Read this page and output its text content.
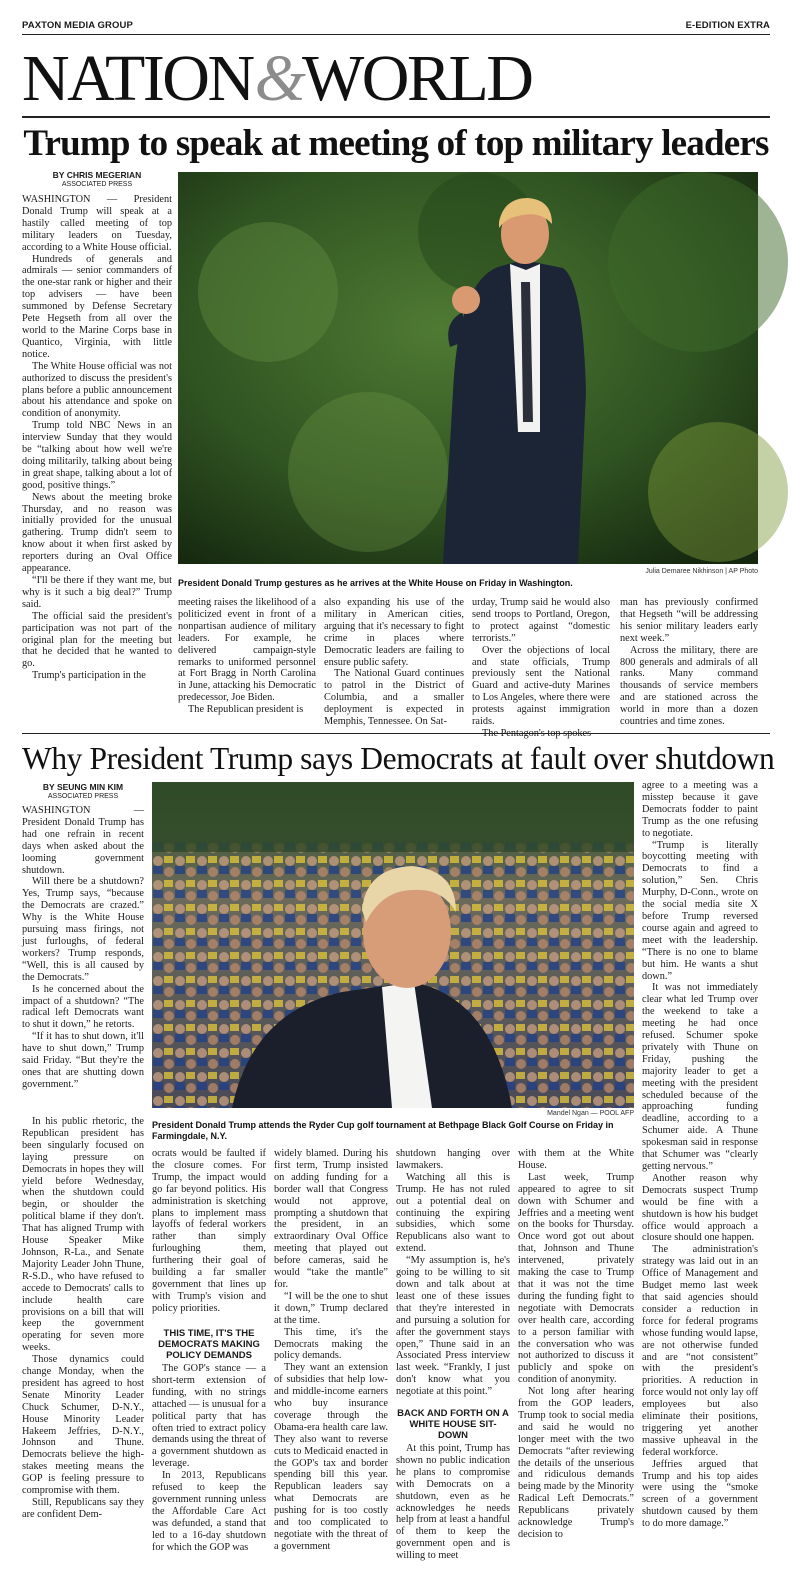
PAXTON MEDIA GROUP	E-EDITION EXTRA
NATION&WORLD
Trump to speak at meeting of top military leaders
BY CHRIS MEGERIAN
ASSOCIATED PRESS

WASHINGTON — President Donald Trump will speak at a hastily called meeting of top military leaders on Tuesday, according to a White House official.

Hundreds of generals and admirals — senior commanders of the one-star rank or higher and their top advisers — have been summoned by Defense Secretary Pete Hegseth from all over the world to the Marine Corps base in Quantico, Virginia, with little notice.

The White House official was not authorized to discuss the president's plans before a public announcement about his attendance and spoke on condition of anonymity.

Trump told NBC News in an interview Sunday that they would be “talking about how well we're doing militarily, talking about being in great shape, talking about a lot of good, positive things.”

News about the meeting broke Thursday, and no reason was initially provided for the unusual gathering. Trump didn't seem to know about it when first asked by reporters during an Oval Office appearance.

“I'll be there if they want me, but why is it such a big deal?” Trump said.

The official said the president's participation was not part of the original plan for the meeting but that he decided that he wanted to go.

Trump's participation in the

Julia Demaree Nikhinson | AP Photo
President Donald Trump gestures as he arrives at the White House on Friday in Washington.

meeting raises the likelihood of a politicized event in front of a nonpartisan audience of military leaders. For example, he delivered campaign-style remarks to uniformed personnel at Fort Bragg in North Carolina in June, attacking his Democratic predecessor, Joe Biden.

The Republican president is

also expanding his use of the military in American cities, arguing that it's necessary to fight crime in places where Democratic leaders are failing to ensure public safety.

The National Guard continues to patrol in the District of Columbia, and a smaller deployment is expected in Memphis, Tennessee. On Sat-

urday, Trump said he would also send troops to Portland, Oregon, to protect against “domestic terrorists.”

Over the objections of local and state officials, Trump previously sent the National Guard and active-duty Marines to Los Angeles, where there were protests against immigration raids.

The Pentagon's top spokes-

man has previously confirmed that Hegseth “will be addressing his senior military leaders early next week.”

Across the military, there are 800 generals and admirals of all ranks. Many command thousands of service members and are stationed across the world in more than a dozen countries and time zones.

Why President Trump says Democrats at fault over shutdown
BY SEUNG MIN KIM
ASSOCIATED PRESS

WASHINGTON — President Donald Trump has had one refrain in recent days when asked about the looming government shutdown.

Will there be a shutdown? Yes, Trump says, “because the Democrats are crazed.” Why is the White House pursuing mass firings, not just furloughs, of federal workers? Trump responds, “Well, this is all caused by the Democrats.”

Is he concerned about the impact of a shutdown? “The radical left Democrats want to shut it down,” he retorts.

“If it has to shut down, it'll have to shut down,” Trump said Friday. “But they're the ones that are shutting down government.”

In his public rhetoric, the Republican president has been singularly focused on laying pressure on Democrats in hopes they will yield before Wednesday, when the shutdown could begin, or shoulder the political blame if they don't. That has aligned Trump with House Speaker Mike Johnson, R-La., and Senate Majority Leader John Thune, R-S.D., who have refused to accede to Democrats' calls to include health care provisions on a bill that will keep the government operating for seven more weeks.

Those dynamics could change Monday, when the president has agreed to host Senate Minority Leader Chuck Schumer, D-N.Y., House Minority Leader Hakeem Jeffries, D-N.Y., Johnson and Thune. Democrats believe the high-stakes meeting means the GOP is feeling pressure to compromise with them.

Still, Republicans say they are confident Dem-

Mandel Ngan — POOL AFP
President Donald Trump attends the Ryder Cup golf tournament at Bethpage Black Golf Course on Friday in Farmingdale, N.Y.

ocrats would be faulted if the closure comes. For Trump, the impact would go far beyond politics. His administration is sketching plans to implement mass layoffs of federal workers rather than simply furloughing them, furthering their goal of building a far smaller government that lines up with Trump's vision and policy priorities.

THIS TIME, IT'S THE DEMOCRATS MAKING POLICY DEMANDS

The GOP's stance — a short-term extension of funding, with no strings attached — is unusual for a political party that has often tried to extract policy demands using the threat of a government shutdown as leverage.

In 2013, Republicans refused to keep the government running unless the Affordable Care Act was defunded, a stand that led to a 16-day shutdown for which the GOP was

widely blamed. During his first term, Trump insisted on adding funding for a border wall that Congress would not approve, prompting a shutdown that the president, in an extraordinary Oval Office meeting that played out before cameras, said he would “take the mantle” for.

“I will be the one to shut it down,” Trump declared at the time.

This time, it's the Democrats making the policy demands.

They want an extension of subsidies that help low- and middle-income earners who buy insurance coverage through the Obama-era health care law. They also want to reverse cuts to Medicaid enacted in the GOP's tax and border spending bill this year. Republican leaders say what Democrats are pushing for is too costly and too complicated to negotiate with the threat of a government

shutdown hanging over lawmakers.

Watching all this is Trump. He has not ruled out a potential deal on continuing the expiring subsidies, which some Republicans also want to extend.

“My assumption is, he's going to be willing to sit down and talk about at least one of these issues that they're interested in and pursuing a solution for after the government stays open,” Thune said in an Associated Press interview last week. “Frankly, I just don't know what you negotiate at this point.”

BACK AND FORTH ON A WHITE HOUSE SIT-DOWN

At this point, Trump has shown no public indication he plans to compromise with Democrats on a shutdown, even as he acknowledges he needs help from at least a handful of them to keep the government open and is willing to meet

with them at the White House.

Last week, Trump appeared to agree to sit down with Schumer and Jeffries and a meeting went on the books for Thursday. Once word got out about that, Johnson and Thune intervened, privately making the case to Trump that it was not the time during the funding fight to negotiate with Democrats over health care, according to a person familiar with the conversation who was not authorized to discuss it publicly and spoke on condition of anonymity.

Not long after hearing from the GOP leaders, Trump took to social media and said he would no longer meet with the two Democrats “after reviewing the details of the unserious and ridiculous demands being made by the Minority Radical Left Democrats.” Republicans privately acknowledge Trump's decision to

agree to a meeting was a misstep because it gave Democrats fodder to paint Trump as the one refusing to negotiate.

“Trump is literally boycotting meeting with Democrats to find a solution,” Sen. Chris Murphy, D-Conn., wrote on the social media site X before Trump reversed course again and agreed to meet with the leadership. “There is no one to blame but him. He wants a shut down.”

It was not immediately clear what led Trump over the weekend to take a meeting he had once refused. Schumer spoke privately with Thune on Friday, pushing the majority leader to get a meeting with the president scheduled because of the approaching funding deadline, according to a Schumer aide. A Thune spokesman said in response that Schumer was “clearly getting nervous.”

Another reason why Democrats suspect Trump would be fine with a shutdown is how his budget office would approach a closure should one happen.

The administration's strategy was laid out in an Office of Management and Budget memo last week that said agencies should consider a reduction in force for federal programs whose funding would lapse, are not otherwise funded and are “not consistent” with the president's priorities. A reduction in force would not only lay off employees but also eliminate their positions, triggering yet another massive upheaval in the federal workforce.

Jeffries argued that Trump and his top aides were using the “smoke screen of a government shutdown caused by them to do more damage.”
